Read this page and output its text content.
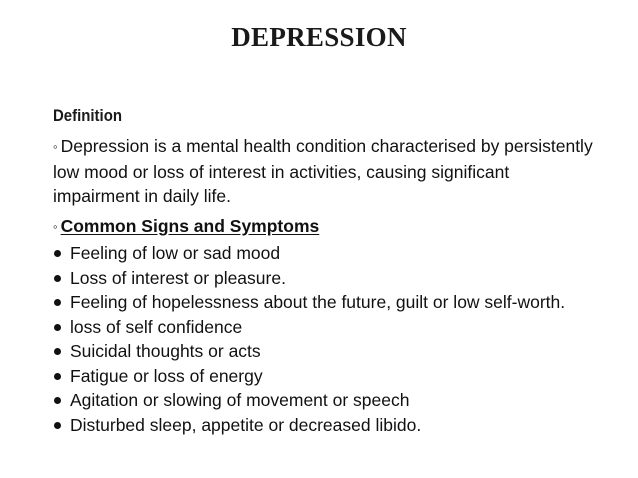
DEPRESSION
Definition

◦ Depression is a mental health condition characterised by persistently low mood or loss of interest in activities, causing significant impairment in daily life.

◦ Common Signs and Symptoms
Feeling of low or sad mood
Loss of interest or pleasure.
Feeling of hopelessness about the future, guilt or low self-worth.
loss of self confidence
Suicidal thoughts or acts
Fatigue or loss of energy
Agitation or slowing of movement or speech
Disturbed sleep, appetite or decreased libido.
